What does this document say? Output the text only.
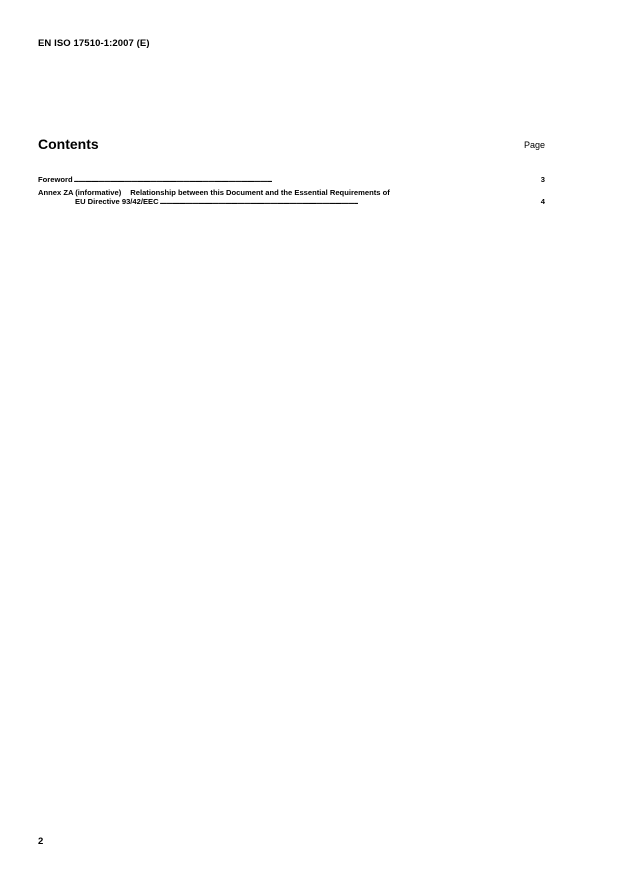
EN ISO 17510-1:2007 (E)
Contents	Page
Foreword . . .	3
Annex ZA (informative) Relationship between this Document and the Essential Requirements of
EU Directive 93/42/EEC . . .	4
2
